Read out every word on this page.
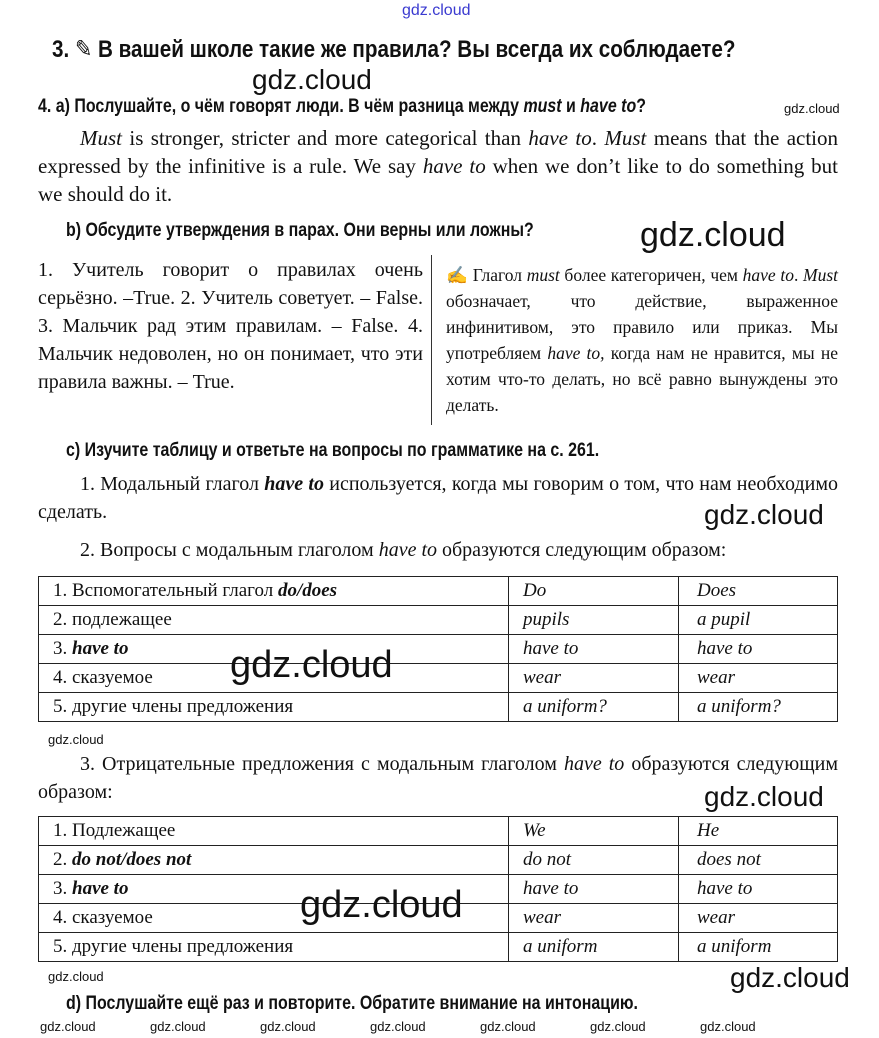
gdz.cloud
3. ✎ В вашей школе такие же правила? Вы всегда их соблюдаете?
gdz.cloud
4. a) Послушайте, о чём говорят люди. В чём разница между must и have to?	gdz.cloud

Must is stronger, stricter and more categorical than have to. Must means that the action expressed by the infinitive is a rule. We say have to when we don’t like to do something but we should do it.

b) Обсудите утверждения в парах. Они верны или ложны?	gdz.cloud

1. Учитель говорит о правилах очень серьёзно. –True. 2. Учитель советует. – False. 3. Мальчик рад этим правилам. – False. 4. Мальчик недоволен, но он понимает, что эти правила важны. – True.

✍ Глагол must более категоричен, чем have to. Must обозначает, что действие, выраженное инфинитивом, это правило или приказ. Мы употребляем have to, когда нам не нравится, мы не хотим что-то делать, но всё равно вынуждены это делать.

c) Изучите таблицу и ответьте на вопросы по грамматике на с. 261.

1. Модальный глагол have to используется, когда мы говорим о том, что нам необходимо сделать.	gdz.cloud

2. Вопросы с модальным глаголом have to образуются следующим образом:

1. Вспомогательный глагол do/does	Do	Does
2. подлежащее	pupils	a pupil
3. have to	have to	have to
4. сказуемое	wear	wear
5. другие члены предложения	a uniform?	a uniform?
gdz.cloud
gdz.cloud

3. Отрицательные предложения с модальным глаголом have to образуются следующим образом:	gdz.cloud
1. Подлежащее	We	He
2. do not/does not	do not	does not
3. have to	have to	have to
4. сказуемое	wear	wear
5. другие члены предложения	a uniform	a uniform
gdz.cloud
gdz.cloud	gdz.cloud
d) Послушайте ещё раз и повторите. Обратите внимание на интонацию.
gdz.cloud	gdz.cloud	gdz.cloud	gdz.cloud	gdz.cloud	gdz.cloud	gdz.cloud
